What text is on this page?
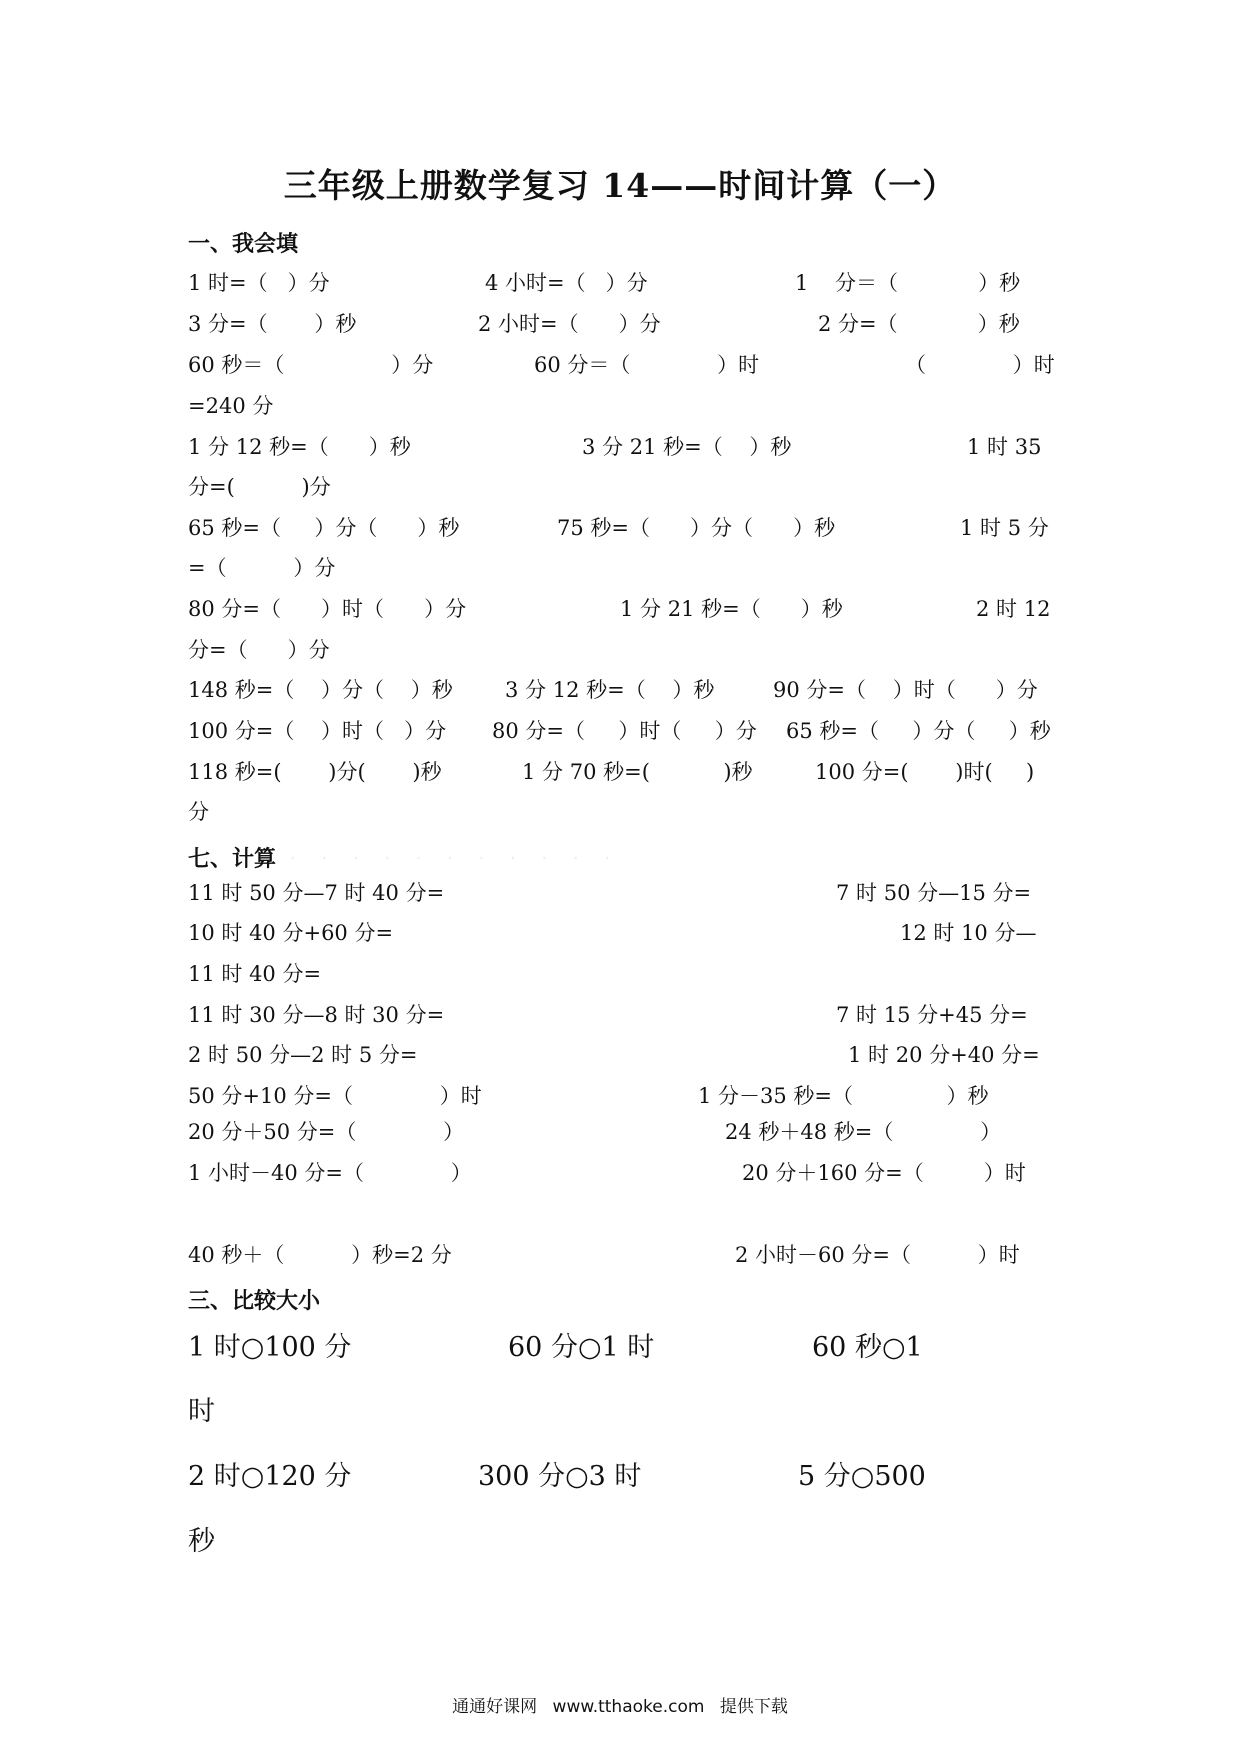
三年级上册数学复习 14——时间计算（一）
一、我会填
1 时=（   ）分	4 小时=（   ）分	1    分＝（            ）秒
3 分=（       ）秒	2 小时=（      ）分	2 分=（            ）秒
60 秒＝（                ）分	60 分＝（             ）时	（             ）时
=240 分
1 分 12 秒=（      ）秒	3 分 21 秒=（    ）秒	1 时 35
分=(          )分
65 秒=（     ）分（      ）秒	75 秒=（      ）分（      ）秒	1 时 5 分
=（          ）分
80 分=（      ）时（      ）分	1 分 21 秒=（      ）秒	2 时 12
分=（      ）分
148 秒=（    ）分（    ）秒 3 分 12 秒=（    ）秒	90 分=（    ）时（      ）分
100 分=（    ）时（   ）分 80 分=（     ）时（     ）分 65 秒=（     ）分（     ）秒
118 秒=(       )分(       )秒	1 分 70 秒=(           )秒	100 分=(       )时(     )
分
七、计算 · · · · · · · · · · ·
11 时 50 分—7 时 40 分=	7 时 50 分—15 分=
10 时 40 分+60 分=	12 时 10 分—
11 时 40 分=
11 时 30 分—8 时 30 分=	7 时 15 分+45 分=
2 时 50 分—2 时 5 分=	1 时 20 分+40 分=
50 分+10 分=（             ）时	1 分－35 秒=（              ）秒
20 分＋50 分=（             ）	24 秒＋48 秒=（             ）
1 小时－40 分=（             ）	20 分＋160 分=（         ）时
40 秒＋（          ）秒=2 分	2 小时－60 分=（          ）时
三、比较大小
1 时○100 分	60 分○1 时	60 秒○1
时
2 时○120 分	300 分○3 时	5 分○500
秒
通通好课网 www.tthaoke.com 提供下载
